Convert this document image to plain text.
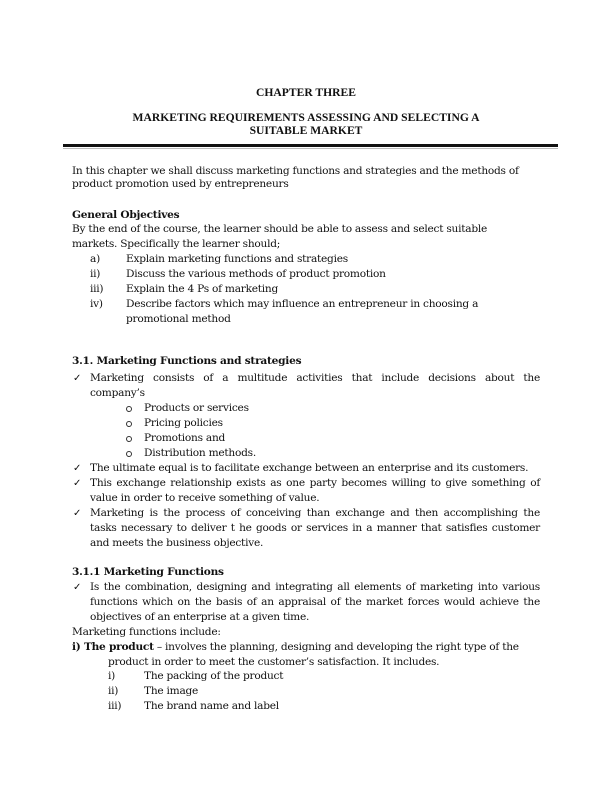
CHAPTER THREE
MARKETING REQUIREMENTS ASSESSING AND SELECTING A
SUITABLE MARKET
In this chapter we shall discuss marketing functions and strategies and the methods of
product promotion used by entrepreneurs
General Objectives
By the end of the course, the learner should be able to assess and select suitable
markets. Specifically the learner should;
a) Explain marketing functions and strategies
ii) Discuss the various methods of product promotion
iii) Explain the 4 Ps of marketing
iv) Describe factors which may influence an entrepreneur in choosing a
promotional method
3.1. Marketing Functions and strategies
✓ Marketing consists of a multitude activities that include decisions about the
company’s
Products or services
Pricing policies
Promotions and
Distribution methods.
✓ The ultimate equal is to facilitate exchange between an enterprise and its customers.
✓ This exchange relationship exists as one party becomes willing to give something of
value in order to receive something of value.
✓ Marketing is the process of conceiving than exchange and then accomplishing the
tasks necessary to deliver t he goods or services in a manner that satisfies customer
and meets the business objective.
3.1.1 Marketing Functions
✓ Is the combination, designing and integrating all elements of marketing into various
functions which on the basis of an appraisal of the market forces would achieve the
objectives of an enterprise at a given time.
Marketing functions include:
i) The product – involves the planning, designing and developing the right type of the
product in order to meet the customer’s satisfaction. It includes.
i)	The packing of the product
ii) The image
iii) The brand name and label
